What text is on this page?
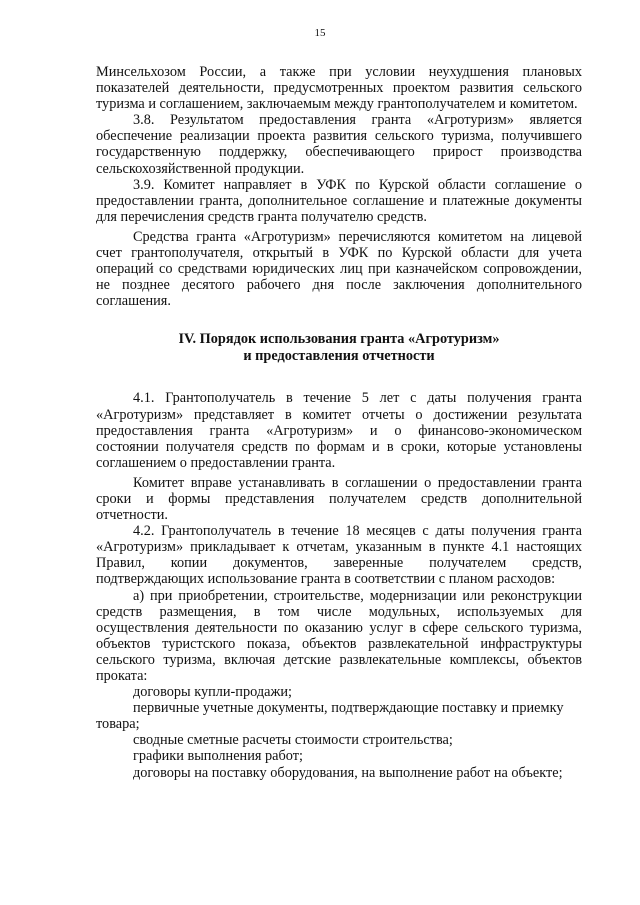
15

Минсельхозом России, а также при условии неухудшения плановых показателей деятельности, предусмотренных проектом развития сельского туризма и соглашением, заключаемым между грантополучателем и комитетом.

3.8. Результатом предоставления гранта «Агротуризм» является обеспечение реализации проекта развития сельского туризма, получившего государственную поддержку, обеспечивающего прирост производства сельскохозяйственной продукции.

3.9. Комитет направляет в УФК по Курской области соглашение о предоставлении гранта, дополнительное соглашение и платежные документы для перечисления средств гранта получателю средств.

Средства гранта «Агротуризм» перечисляются комитетом на лицевой счет грантополучателя, открытый в УФК по Курской области для учета операций со средствами юридических лиц при казначейском сопровождении, не позднее десятого рабочего дня после заключения дополнительного соглашения.

IV. Порядок использования гранта «Агротуризм»
и предоставления отчетности

4.1. Грантополучатель в течение 5 лет с даты получения гранта «Агротуризм» представляет в комитет отчеты о достижении результата предоставления гранта «Агротуризм» и о финансово-экономическом состоянии получателя средств по формам и в сроки, которые установлены соглашением о предоставлении гранта.

Комитет вправе устанавливать в соглашении о предоставлении гранта сроки и формы представления получателем средств дополнительной отчетности.

4.2. Грантополучатель в течение 18 месяцев с даты получения гранта «Агротуризм» прикладывает к отчетам, указанным в пункте 4.1 настоящих Правил, копии документов, заверенные получателем средств, подтверждающих использование гранта в соответствии с планом расходов:

а) при приобретении, строительстве, модернизации или реконструкции средств размещения, в том числе модульных, используемых для осуществления деятельности по оказанию услуг в сфере сельского туризма, объектов туристского показа, объектов развлекательной инфраструктуры сельского туризма, включая детские развлекательные комплексы, объектов проката:

договоры купли-продажи;

первичные учетные документы, подтверждающие поставку и приемку товара;

сводные сметные расчеты стоимости строительства;

графики выполнения работ;

договоры на поставку оборудования, на выполнение работ на объекте;
